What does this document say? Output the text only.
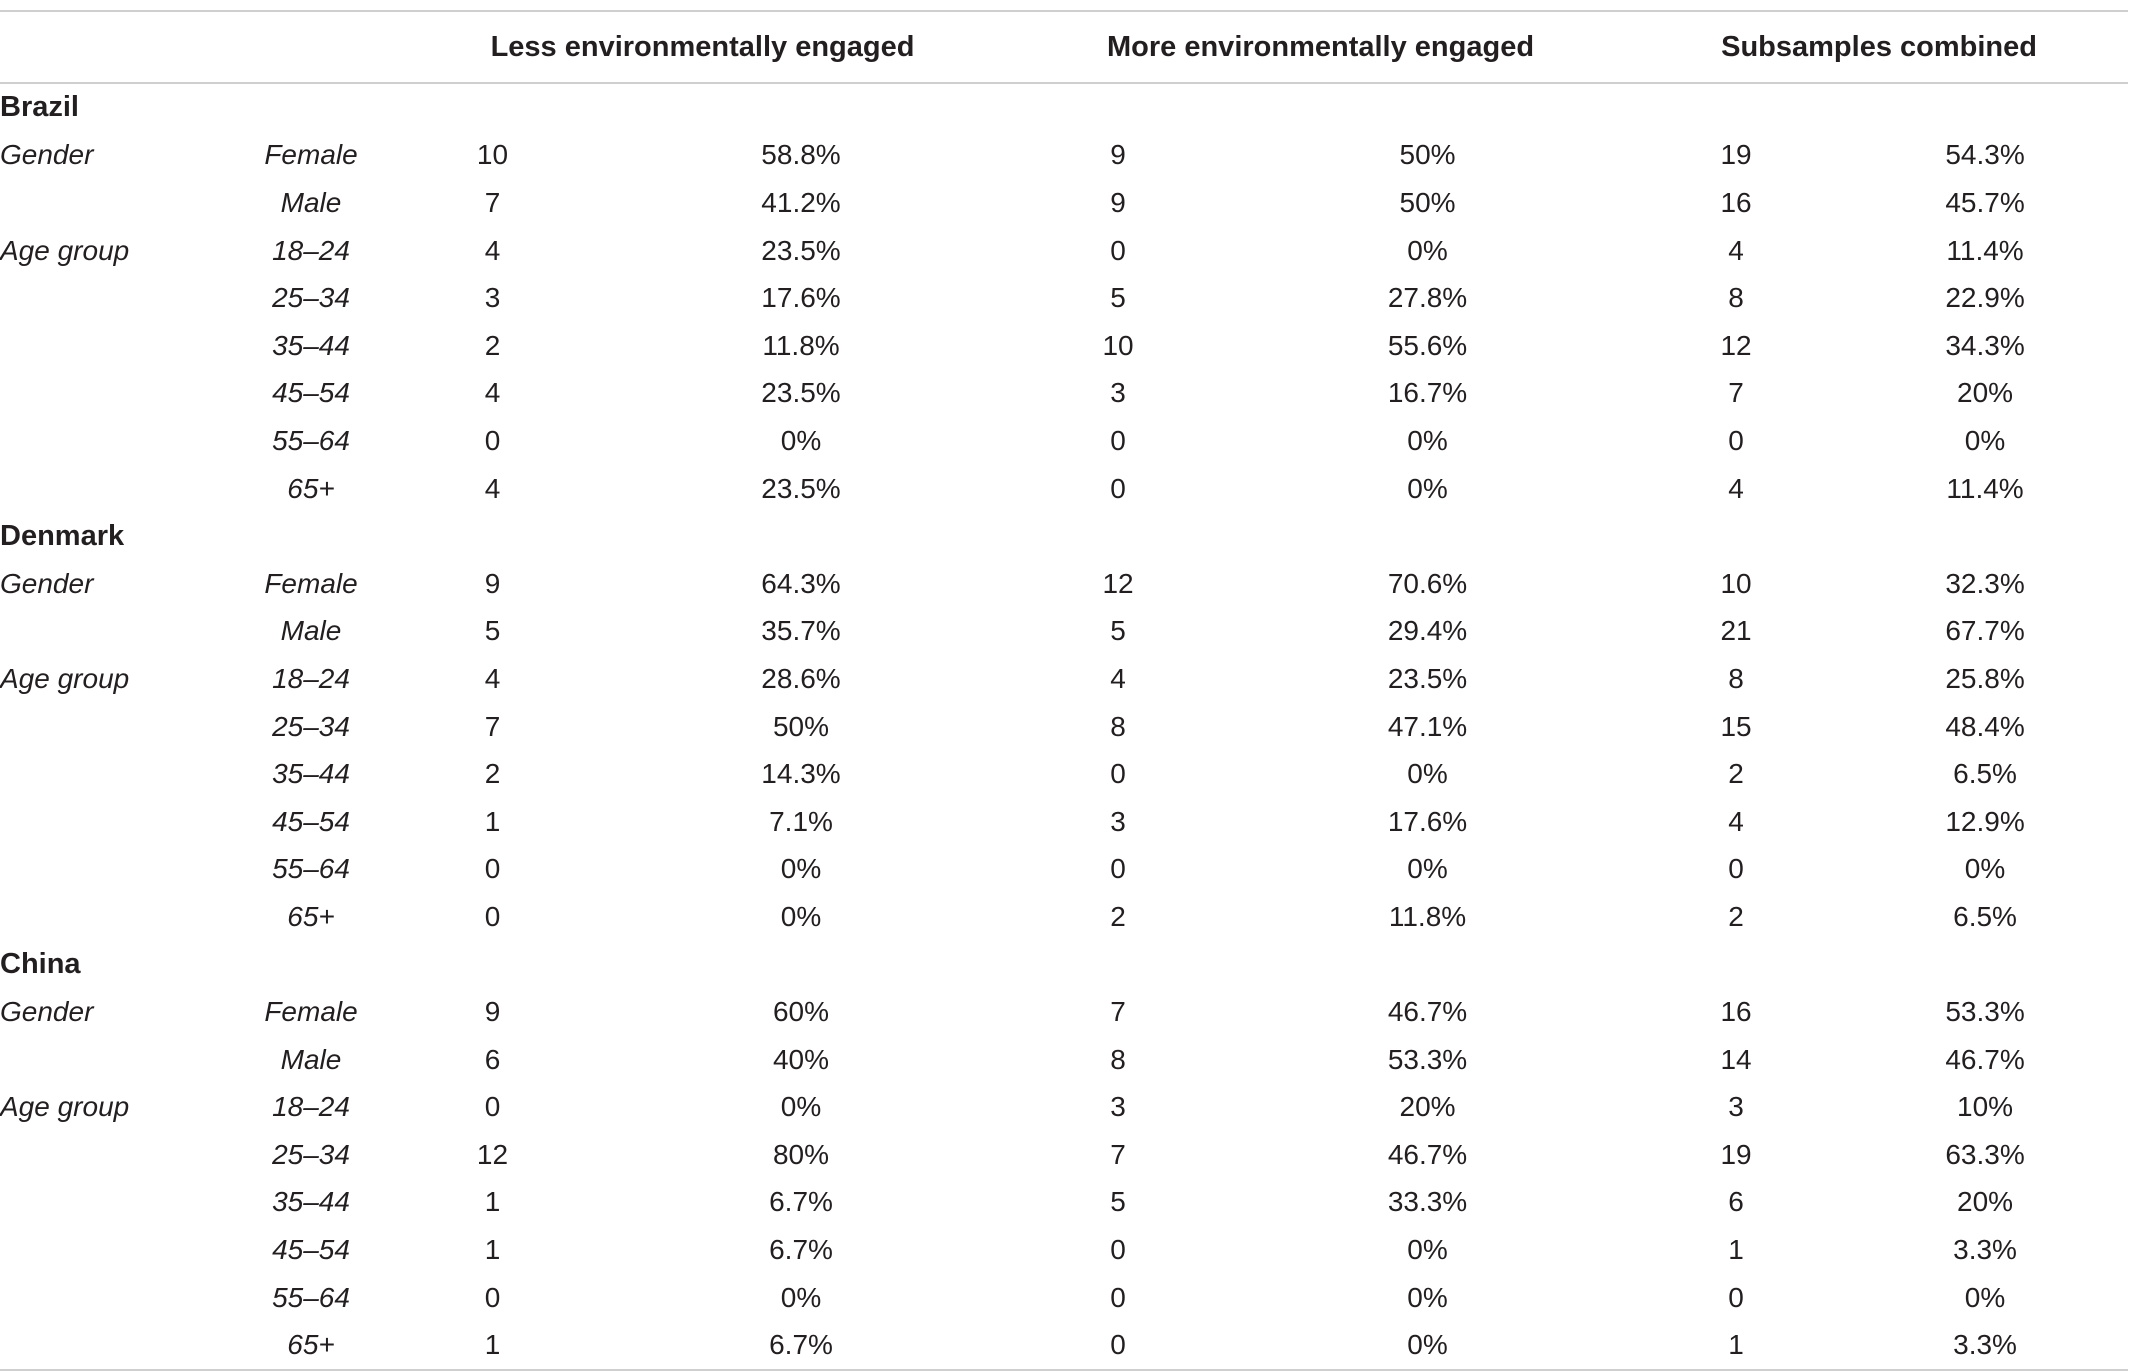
		Less environmentally engaged		More environmentally engaged		Subsamples combined	
Brazil							
Gender	Female	10	58.8%	9	50%	19	54.3%
	Male	7	41.2%	9	50%	16	45.7%
Age group	18–24	4	23.5%	0	0%	4	11.4%
	25–34	3	17.6%	5	27.8%	8	22.9%
	35–44	2	11.8%	10	55.6%	12	34.3%
	45–54	4	23.5%	3	16.7%	7	20%
	55–64	0	0%	0	0%	0	0%
	65+	4	23.5%	0	0%	4	11.4%
Denmark							
Gender	Female	9	64.3%	12	70.6%	10	32.3%
	Male	5	35.7%	5	29.4%	21	67.7%
Age group	18–24	4	28.6%	4	23.5%	8	25.8%
	25–34	7	50%	8	47.1%	15	48.4%
	35–44	2	14.3%	0	0%	2	6.5%
	45–54	1	7.1%	3	17.6%	4	12.9%
	55–64	0	0%	0	0%	0	0%
	65+	0	0%	2	11.8%	2	6.5%
China							
Gender	Female	9	60%	7	46.7%	16	53.3%
	Male	6	40%	8	53.3%	14	46.7%
Age group	18–24	0	0%	3	20%	3	10%
	25–34	12	80%	7	46.7%	19	63.3%
	35–44	1	6.7%	5	33.3%	6	20%
	45–54	1	6.7%	0	0%	1	3.3%
	55–64	0	0%	0	0%	0	0%
	65+	1	6.7%	0	0%	1	3.3%
